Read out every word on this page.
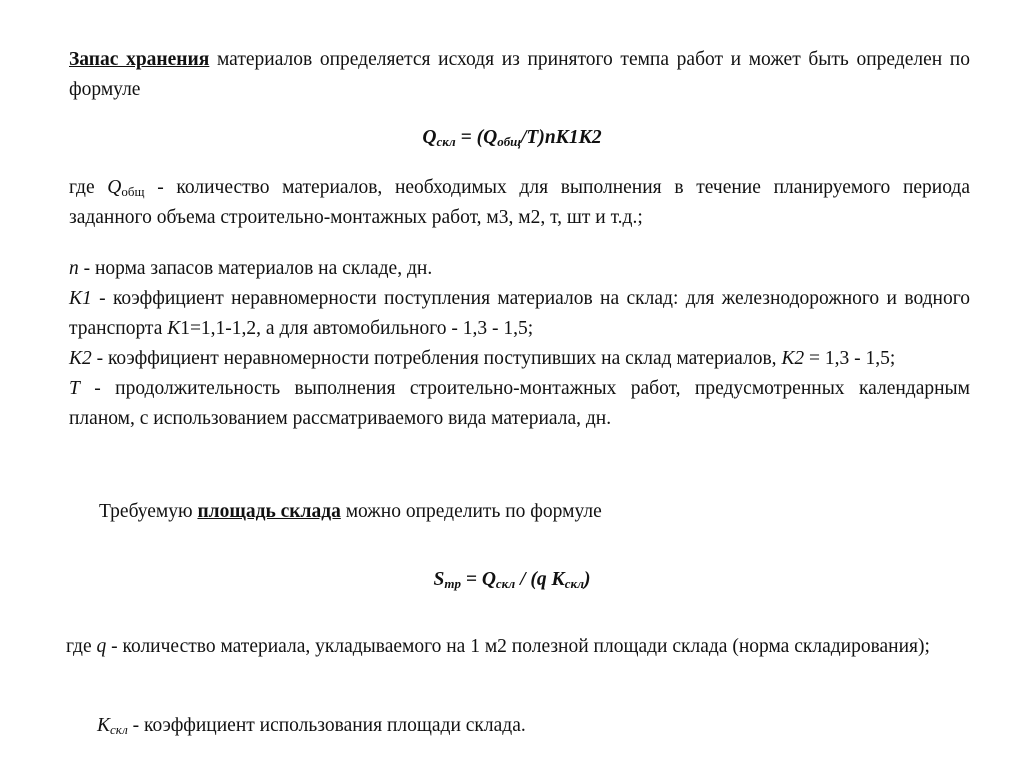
Запас хранения материалов определяется исходя из принятого темпа работ и может быть определен по формуле

$Q_{скл} = (Q_{общ}/T)nК1К2$

где $Q_{общ}$ - количество материалов, необходимых для выполнения в течение планируемого периода заданного объема строительно-монтажных работ, м3, м2, т, шт и т.д.;

n - норма запасов материалов на складе, дн.
К1 - коэффициент неравномерности поступления материалов на склад: для железнодорожного и водного транспорта К1=1,1-1,2, а для автомобильного - 1,3 - 1,5;
К2 - коэффициент неравномерности потребления поступивших на склад материалов, К2 = 1,3 - 1,5;
Т - продолжительность выполнения строительно-монтажных работ, предусмотренных календарным планом, с использованием рассматриваемого вида материала, дн.

Требуемую площадь склада можно определить по формуле

$S_{тр} = Q_{скл} / (q$ $К_{скл}$)

где q - количество материала, укладываемого на 1 м2 полезной площади склада (норма складирования);

$К_{скл}$ - коэффициент использования площади склада.
